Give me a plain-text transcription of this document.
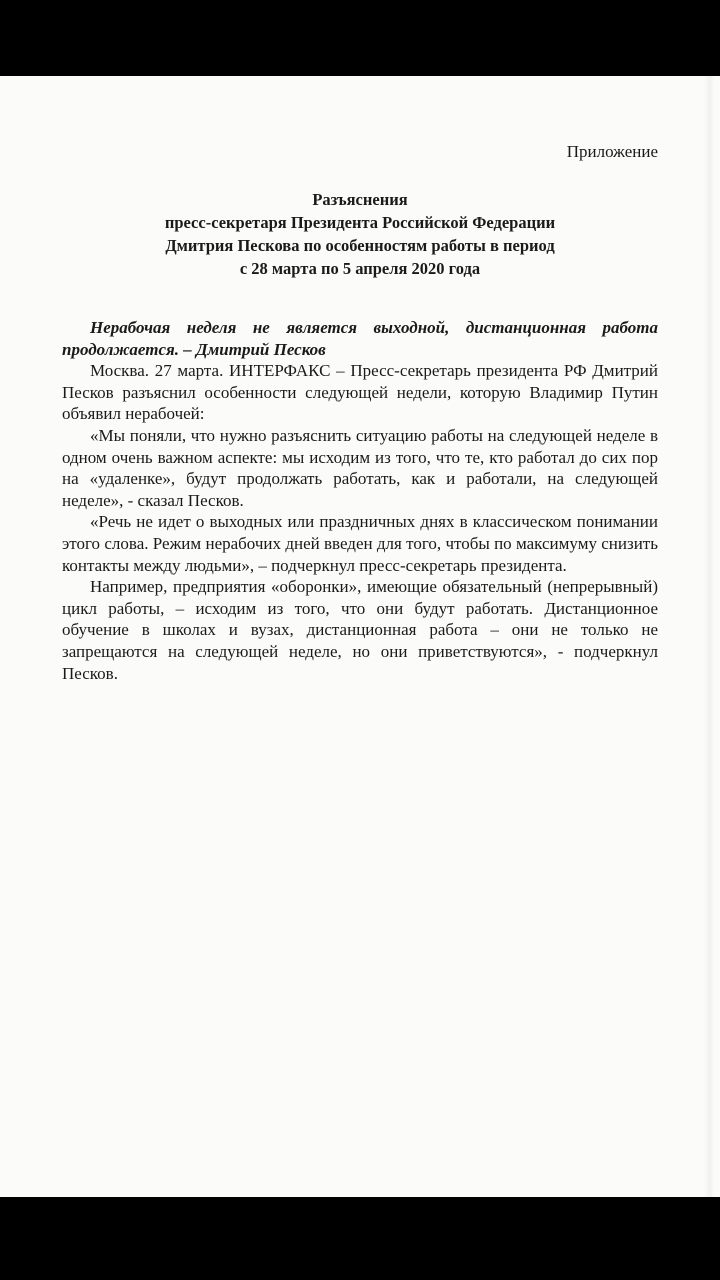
Приложение

Разъяснения
пресс-секретаря Президента Российской Федерации
Дмитрия Пескова по особенностям работы в период
с 28 марта по 5 апреля 2020 года

Нерабочая неделя не является выходной, дистанционная работа продолжается. – Дмитрий Песков

Москва. 27 марта. ИНТЕРФАКС – Пресс-секретарь президента РФ Дмитрий Песков разъяснил особенности следующей недели, которую Владимир Путин объявил нерабочей:

«Мы поняли, что нужно разъяснить ситуацию работы на следующей неделе в одном очень важном аспекте: мы исходим из того, что те, кто работал до сих пор на «удаленке», будут продолжать работать, как и работали, на следующей неделе», - сказал Песков.

«Речь не идет о выходных или праздничных днях в классическом понимании этого слова. Режим нерабочих дней введен для того, чтобы по максимуму снизить контакты между людьми», – подчеркнул пресс-секретарь президента.

Например, предприятия «оборонки», имеющие обязательный (непрерывный) цикл работы, – исходим из того, что они будут работать. Дистанционное обучение в школах и вузах, дистанционная работа – они не только не запрещаются на следующей неделе, но они приветствуются», - подчеркнул Песков.
